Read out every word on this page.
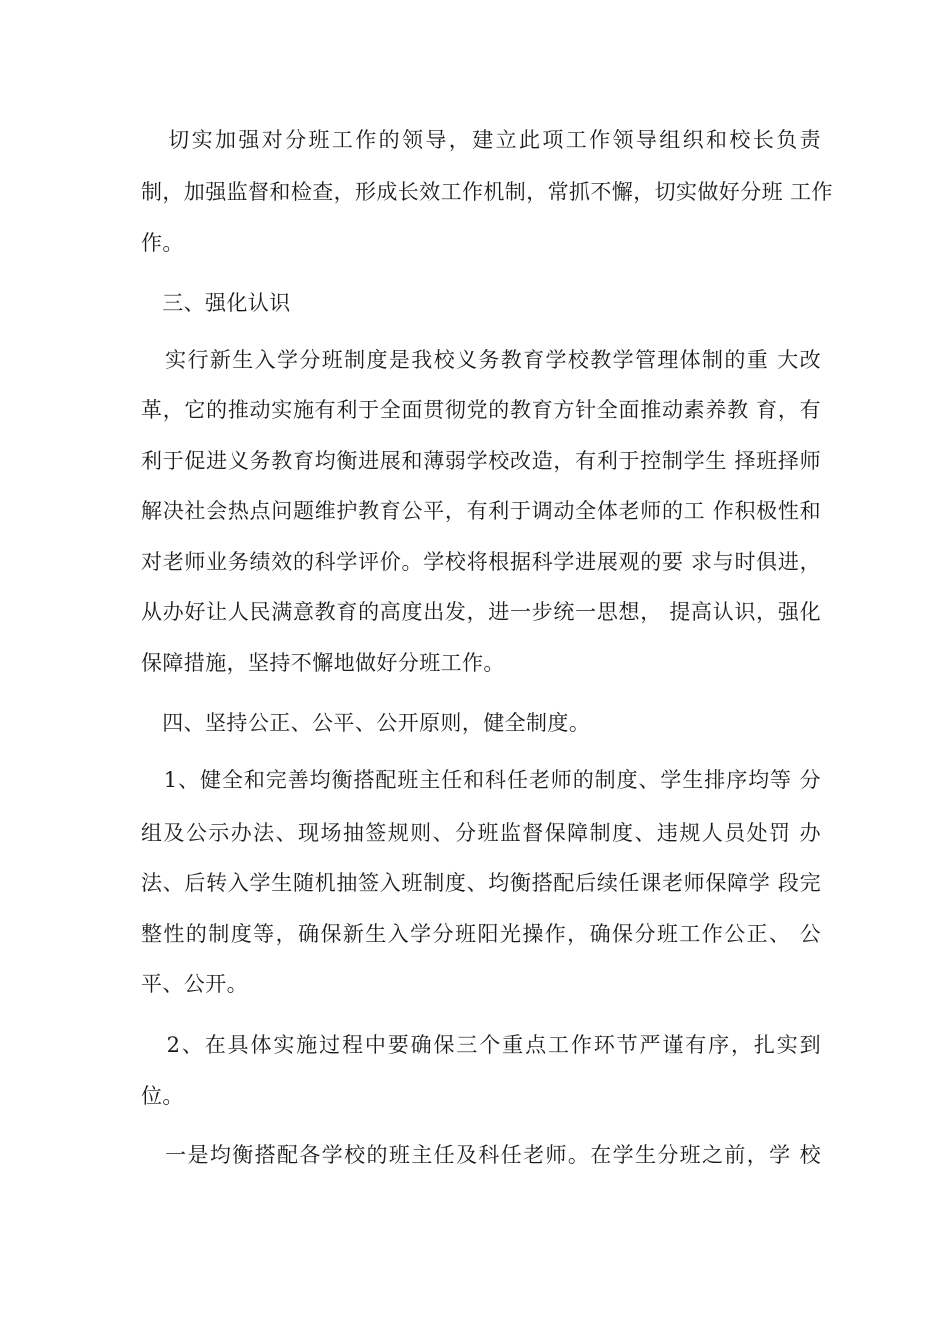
切实加强对分班工作的领导，建立此项工作领导组织和校长负责
制，加强监督和检查，形成长效工作机制，常抓不懈，切实做好分班 工作
作。
三、强化认识
实行新生入学分班制度是我校义务教育学校教学管理体制的重 大改
革，它的推动实施有利于全面贯彻党的教育方针全面推动素养教 育，有
利于促进义务教育均衡进展和薄弱学校改造，有利于控制学生 择班择师
解决社会热点问题维护教育公平，有利于调动全体老师的工 作积极性和
对老师业务绩效的科学评价。学校将根据科学进展观的要 求与时俱进，
从办好让人民满意教育的高度出发，进一步统一思想， 提高认识，强化
保障措施，坚持不懈地做好分班工作。
四、坚持公正、公平、公开原则，健全制度。
1、健全和完善均衡搭配班主任和科任老师的制度、学生排序均等 分
组及公示办法、现场抽签规则、分班监督保障制度、违规人员处罚 办
法、后转入学生随机抽签入班制度、均衡搭配后续任课老师保障学 段完
整性的制度等，确保新生入学分班阳光操作，确保分班工作公正、 公
平、公开。
2、在具体实施过程中要确保三个重点工作环节严谨有序，扎实到
位。
一是均衡搭配各学校的班主任及科任老师。在学生分班之前，学 校
